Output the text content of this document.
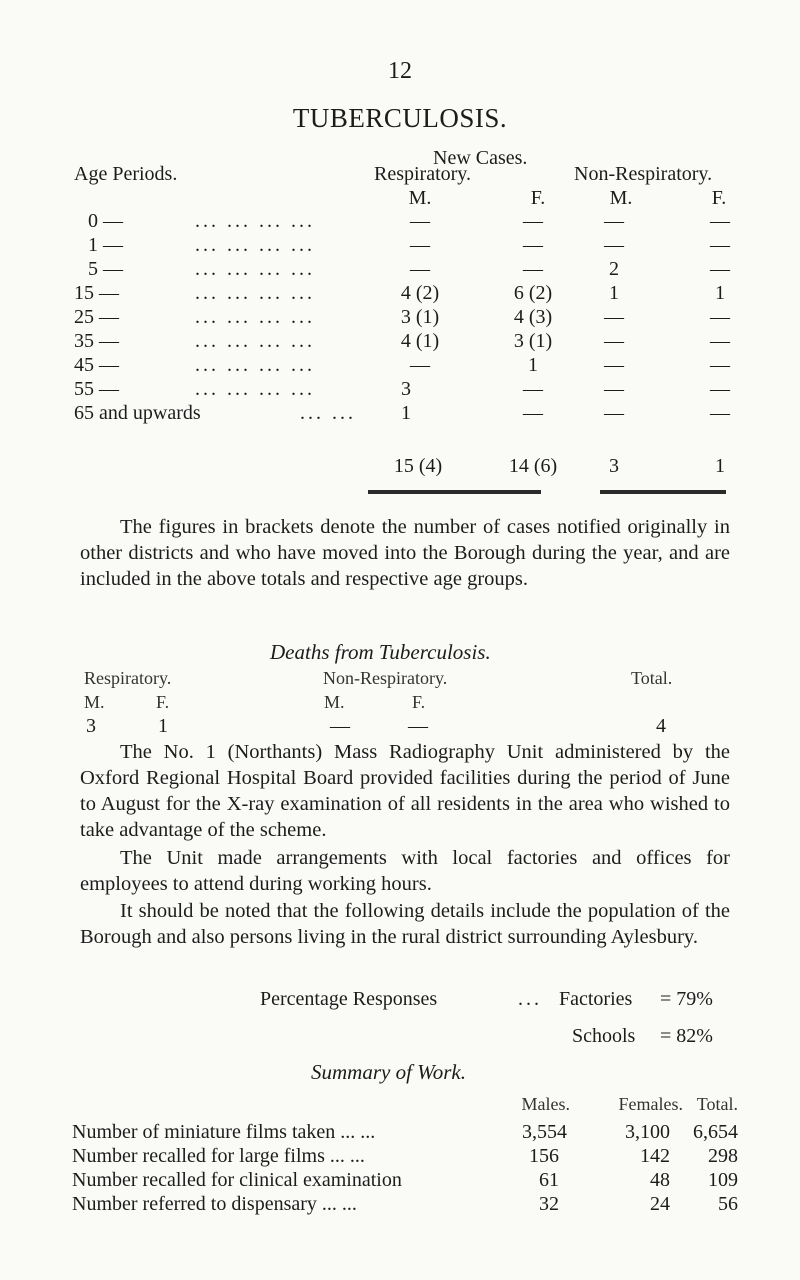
12
TUBERCULOSIS.
New Cases.
Age Periods.	Respiratory.	Non-Respiratory.
M.	F.	M.	F.
0 —	... ... ... ...	—	—	—	—
1 —	... ... ... ...	—	—	—	—
5 —	... ... ... ...	—	—	2	—
15 —	... ... ... ...	4 (2)	6 (2)	1	1
25 —	... ... ... ...	3 (1)	4 (3)	—	—
35 —	... ... ... ...	4 (1)	3 (1)	—	—
45 —	... ... ... ...	—	1	—	—
55 —	... ... ... ...	3	—	—	—
65 and upwards	... ... 1	—	—	—
15 (4)	14 (6)	3	1
The figures in brackets denote the number of cases notified originally in other districts and who have moved into the Borough during the year, and are included in the above totals and respective age groups.
Deaths from Tuberculosis.
Respiratory.	Non-Respiratory.	Total.
M.	F.	M.	F.
3	1	—	—	4
The No. 1 (Northants) Mass Radiography Unit administered by the Oxford Regional Hospital Board provided facilities during the period of June to August for the X-ray examination of all residents in the area who wished to take advantage of the scheme.
The Unit made arrangements with local factories and offices for employees to attend during working hours.
It should be noted that the following details include the population of the Borough and also persons living in the rural district surrounding Aylesbury.
Percentage Responses	... Factories = 79%
Schools = 82%
Summary of Work.
Males.	Females. Total.
Number of miniature films taken ... ...	3,554	3,100	6,654
Number recalled for large films ... ...	156	142	298
Number recalled for clinical examination	61	48	109
Number referred to dispensary ... ...	32	24	56
